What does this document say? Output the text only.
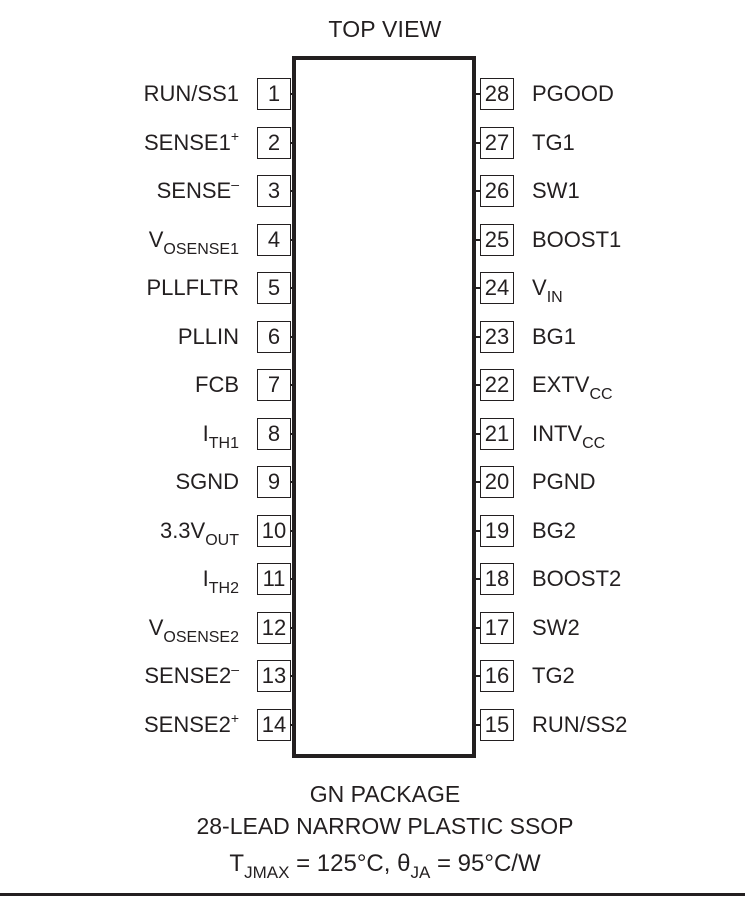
TOP VIEW
1
RUN/SS1
2
SENSE1+
3
SENSE–
4
$V_{OSENSE1}$
5
PLLFLTR
6
PLLIN
7
FCB
8
$I_{TH1}$
9
SGND
10
$3.3V_{OUT}$
11
$I_{TH2}$
12
$V_{OSENSE2}$
13
SENSE2–
14
SENSE2+
28 PGOOD
27 TG1
26 SW1
25 BOOST1
24 $V_{IN}$
23 BG1
22 $EXTV_{CC}$
21 $INTV_{CC}$
20 PGND
19 BG2
18 BOOST2
17 SW2
16 TG2
15 RUN/SS2
GN PACKAGE
28-LEAD NARROW PLASTIC SSOP
$T_{JMAX} = 125^\circ C$, $\theta_{JA} = 95^\circ C/W$
